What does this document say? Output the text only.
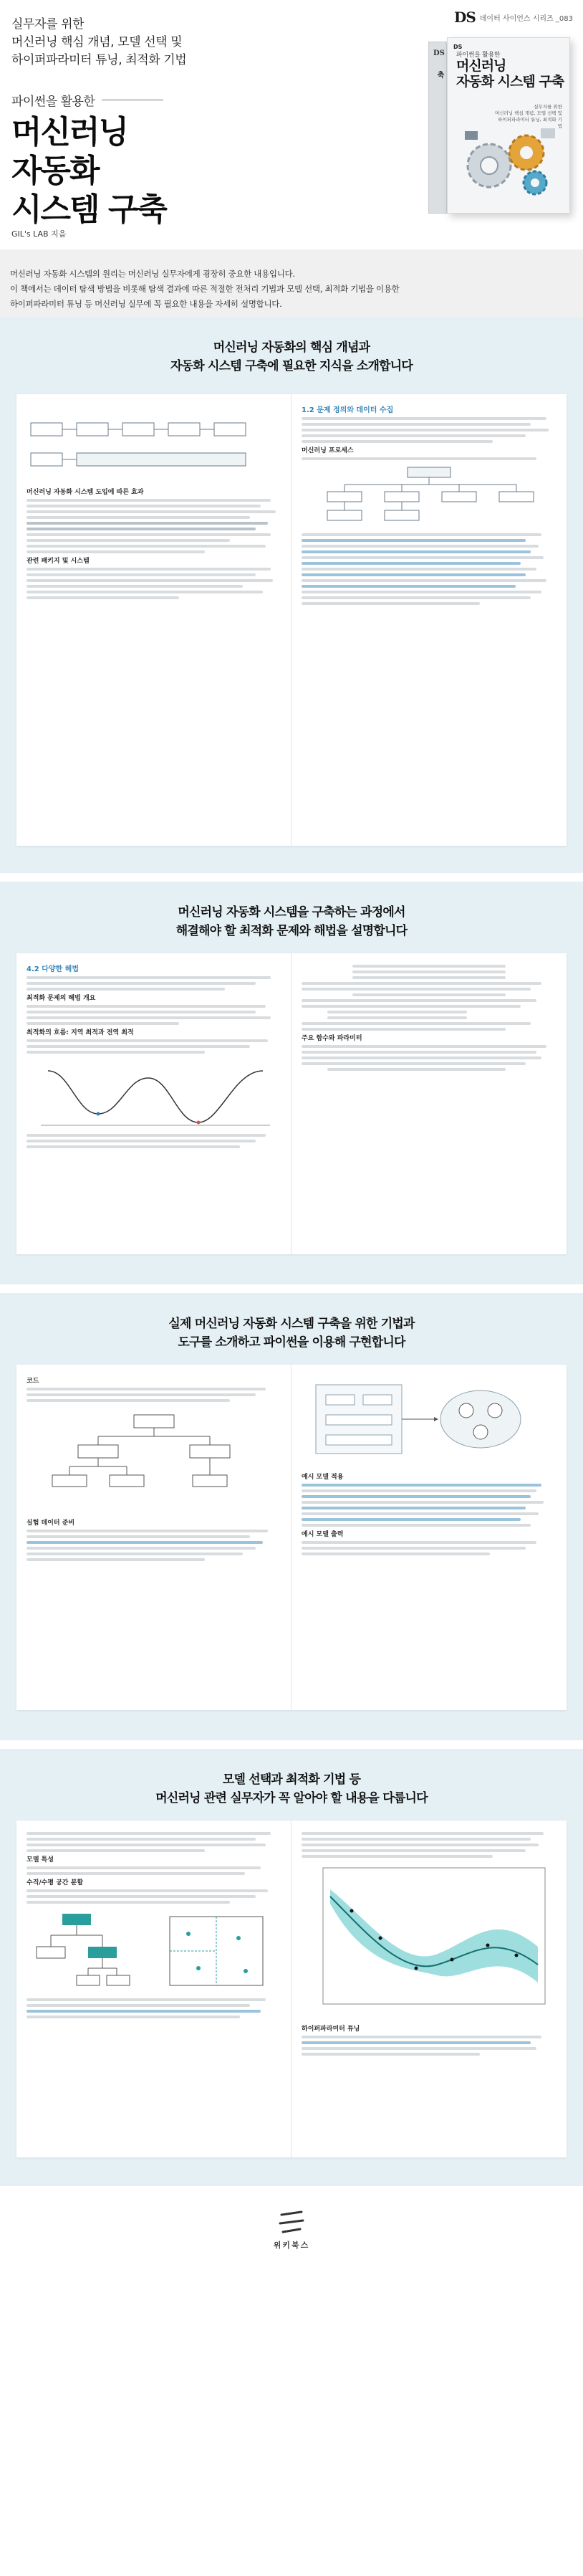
DS 데이터 사이언스 시리즈 _083
실무자를 위한
머신러닝 핵심 개념, 모델 선택 및
하이퍼파라미터 튜닝, 최적화 기법
파이썬을 활용한
머신러닝
자동화
시스템 구축
GIL's LAB 지음
DS
축
DS
파이썬을 활용한
머신러닝
자동화 시스템 구축
실무자를 위한
머신러닝 핵심 개념, 모델 선택 및
하이퍼파라미터 튜닝, 최적화 기법

머신러닝 자동화 시스템의 원리는 머신러닝 실무자에게 굉장히 중요한 내용입니다.

이 책에서는 데이터 탐색 방법을 비롯해 탐색 결과에 따른 적절한 전처리 기법과 모델 선택, 최적화 기법을 이용한

하이퍼파라미터 튜닝 등 머신러닝 실무에 꼭 필요한 내용을 자세히 설명합니다.

머신러닝 자동화의 핵심 개념과
자동화 시스템 구축에 필요한 지식을 소개합니다
머신러닝 자동화 시스템 도입에 따른 효과
관련 패키지 및 시스템
1.2 문제 정의와 데이터 수집
머신러닝 프로세스
머신러닝 자동화 시스템을 구축하는 과정에서
해결해야 할 최적화 문제와 해법을 설명합니다
4.2 다양한 해법
최적화 문제의 해법 개요
최적화의 흐름: 지역 최적과 전역 최적
주요 함수와 파라미터
실제 머신러닝 자동화 시스템 구축을 위한 기법과
도구를 소개하고 파이썬을 이용해 구현합니다
코드
실험 데이터 준비
예시 모델 적용
예시 모델 출력
모델 선택과 최적화 기법 등
머신러닝 관련 실무자가 꼭 알아야 할 내용을 다룹니다
모델 특성
수직/수평 공간 분할
하이퍼파라미터 튜닝
위키북스
